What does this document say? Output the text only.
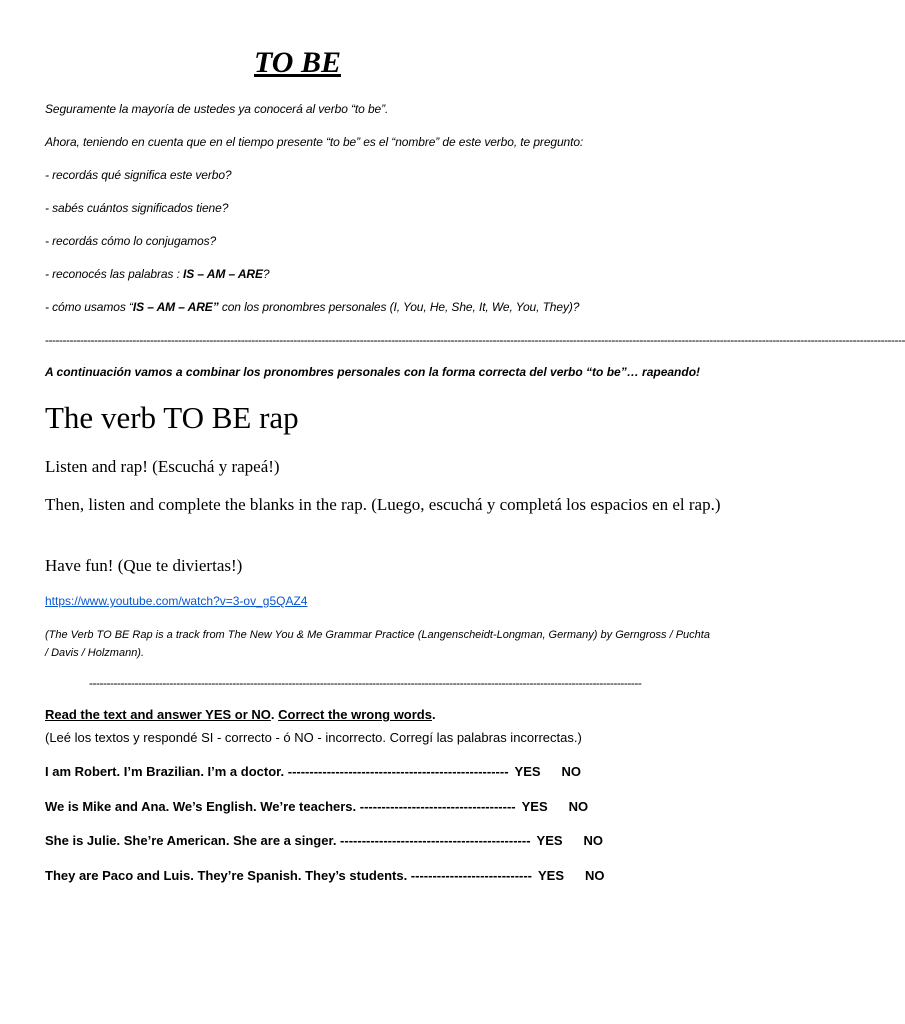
TO BE
Seguramente la mayoría de ustedes ya conocerá al verbo “to be”.
Ahora, teniendo en cuenta que en el tiempo presente “to be” es el “nombre” de este verbo, te pregunto:
- recordás qué significa este verbo?
- sabés cuántos significados tiene?
- recordás cómo lo conjugamos?
- reconocés las palabras : IS – AM – ARE?
- cómo usamos “IS – AM – ARE” con los pronombres personales (I, You, He, She, It, We, You, They)?
------------------------------------------------------------------------------------------------------------------------------------------------------------------------------------------------------------------------------------------------------
A continuación vamos a combinar los pronombres personales con la forma correcta del verbo “to be”… rapeando!
The verb TO BE rap
Listen and rap! (Escuchá y rapeá!)
Then, listen and complete the blanks in the rap. (Luego, escuchá y completá los espacios en el rap.)
Have fun! (Que te diviertas!)
https://www.youtube.com/watch?v=3-ov_g5QAZ4
(The Verb TO BE Rap is a track from The New You & Me Grammar Practice (Langenscheidt-Longman, Germany) by Gerngross / Puchta / Davis / Holzmann).
--------------------------------------------------------------------------------------------------------------------------------------------------------------
Read the text and answer YES or NO. Correct the wrong words.
(Leé los textos y respondé SI - correcto - ó NO - incorrecto. Corregí las palabras incorrectas.)
I am Robert. I’m Brazilian. I’m a doctor. --------------------------------------------------- YES NO
We is Mike and Ana. We’s English. We’re teachers. ------------------------------------ YES NO
She is Julie. She’re American. She are a singer. -------------------------------------------- YES NO
They are Paco and Luis. They’re Spanish. They’s students. ---------------------------- YES NO
